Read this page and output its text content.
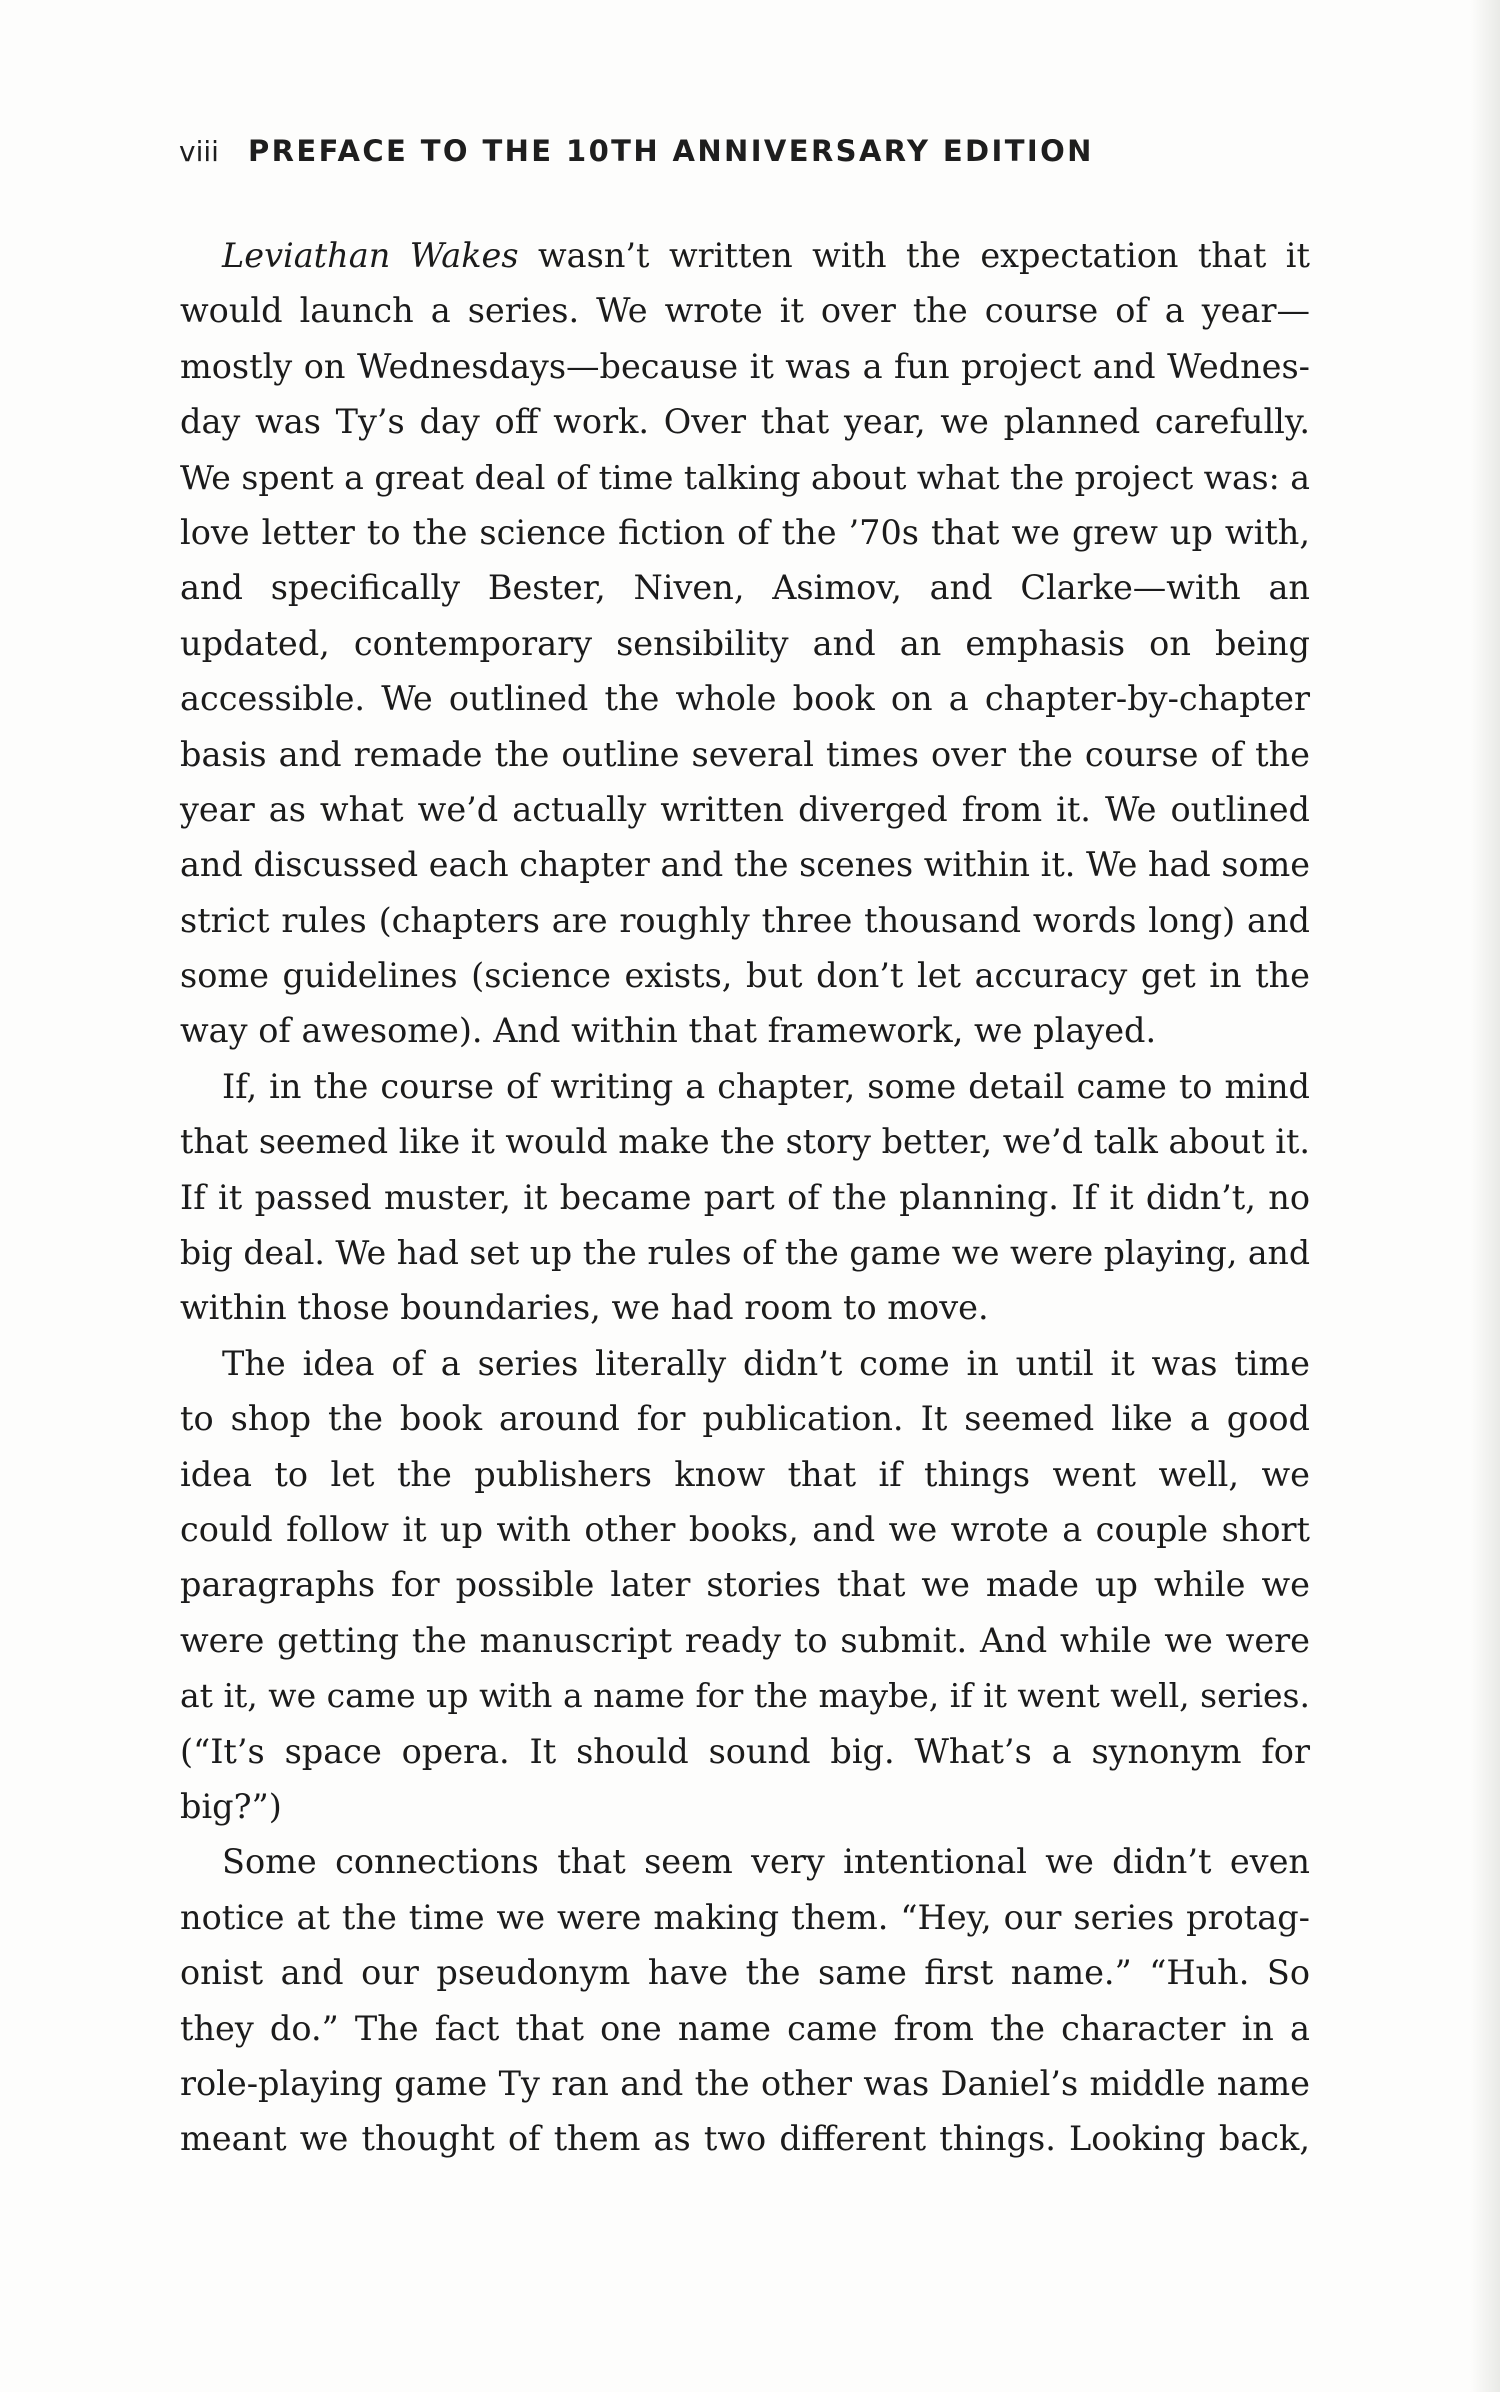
viii PREFACE TO THE 10TH ANNIVERSARY EDITION
Leviathan Wakes wasn’t written with the expectation that it
would launch a series. We wrote it over the course of a year—
mostly on Wednesdays—because it was a fun project and Wednes-
day was Ty’s day off work. Over that year, we planned carefully.
We spent a great deal of time talking about what the project was: a
love letter to the science fiction of the ’70s that we grew up with,
and specifically Bester, Niven, Asimov, and Clarke—with an
updated, contemporary sensibility and an emphasis on being
accessible. We outlined the whole book on a chapter-by-chapter
basis and remade the outline several times over the course of the
year as what we’d actually written diverged from it. We outlined
and discussed each chapter and the scenes within it. We had some
strict rules (chapters are roughly three thousand words long) and
some guidelines (science exists, but don’t let accuracy get in the
way of awesome). And within that framework, we played.
If, in the course of writing a chapter, some detail came to mind
that seemed like it would make the story better, we’d talk about it.
If it passed muster, it became part of the planning. If it didn’t, no
big deal. We had set up the rules of the game we were playing, and
within those boundaries, we had room to move.
The idea of a series literally didn’t come in until it was time
to shop the book around for publication. It seemed like a good
idea to let the publishers know that if things went well, we
could follow it up with other books, and we wrote a couple short
paragraphs for possible later stories that we made up while we
were getting the manuscript ready to submit. And while we were
at it, we came up with a name for the maybe, if it went well, series.
(“It’s space opera. It should sound big. What’s a synonym for
big?”)
Some connections that seem very intentional we didn’t even
notice at the time we were making them. “Hey, our series protag-
onist and our pseudonym have the same first name.” “Huh. So
they do.” The fact that one name came from the character in a
role-playing game Ty ran and the other was Daniel’s middle name
meant we thought of them as two different things. Looking back,
